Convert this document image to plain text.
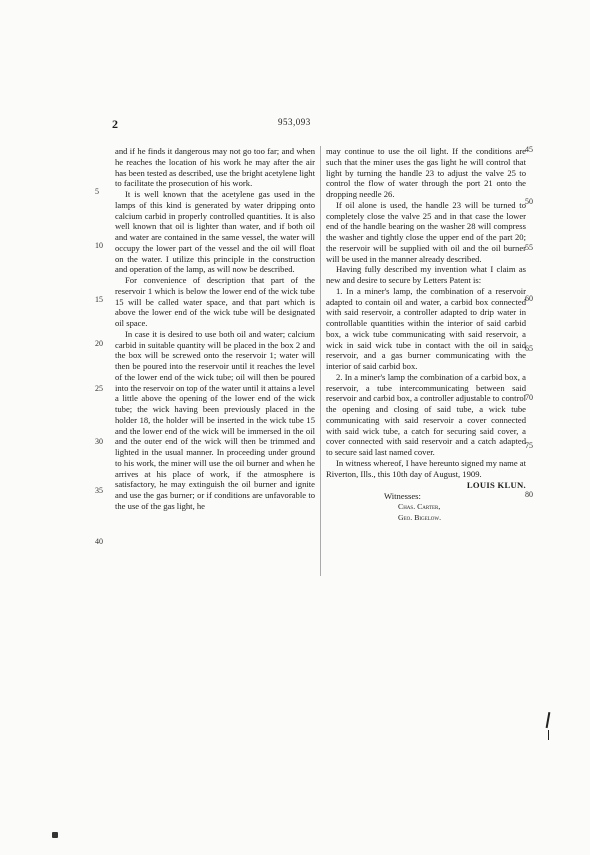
2	953,093

and if he finds it dangerous may not go too far; and when he reaches the location of his work he may after the air has been tested as described, use the bright acetylene light to facilitate the prosecution of his work.

It is well known that the acetylene gas used in the lamps of this kind is generated by water dripping onto calcium carbid in properly controlled quantities. It is also well known that oil is lighter than water, and if both oil and water are contained in the same vessel, the water will occupy the lower part of the vessel and the oil will float on the water. I utilize this principle in the construction and operation of the lamp, as will now be described.

For convenience of description that part of the reservoir 1 which is below the lower end of the wick tube 15 will be called water space, and that part which is above the lower end of the wick tube will be designated oil space.

In case it is desired to use both oil and water; calcium carbid in suitable quantity will be placed in the box 2 and the box will be screwed onto the reservoir 1; water will then be poured into the reservoir until it reaches the level of the lower end of the wick tube; oil will then be poured into the reservoir on top of the water until it attains a level a little above the opening of the lower end of the wick tube; the wick having been previously placed in the holder 18, the holder will be inserted in the wick tube 15 and the lower end of the wick will be immersed in the oil and the outer end of the wick will then be trimmed and lighted in the usual manner. In proceeding under ground to his work, the miner will use the oil burner and when he arrives at his place of work, if the atmosphere is satisfactory, he may extinguish the oil burner and ignite and use the gas burner; or if conditions are unfavorable to the use of the gas light, he

may continue to use the oil light. If the conditions are such that the miner uses the gas light he will control that light by turning the handle 23 to adjust the valve 25 to control the flow of water through the port 21 onto the dropping needle 26.

If oil alone is used, the handle 23 will be turned to completely close the valve 25 and in that case the lower end of the handle bearing on the washer 28 will compress the washer and tightly close the upper end of the part 20; the reservoir will be supplied with oil and the oil burner will be used in the manner already described.

Having fully described my invention what I claim as new and desire to secure by Letters Patent is:

1. In a miner's lamp, the combination of a reservoir adapted to contain oil and water, a carbid box connected with said reservoir, a controller adapted to drip water in controllable quantities within the interior of said carbid box, a wick tube communicating with said reservoir, a wick in said wick tube in contact with the oil in said reservoir, and a gas burner communicating with the interior of said carbid box.

2. In a miner's lamp the combination of a carbid box, a reservoir, a tube intercommunicating between said reservoir and carbid box, a controller adjustable to control the opening and closing of said tube, a wick tube communicating with said reservoir a cover connected with said wick tube, a catch for securing said cover, a cover connected with said reservoir and a catch adapted to secure said last named cover.

In witness whereof, I have hereunto signed my name at Riverton, Ills., this 10th day of August, 1909.

LOUIS KLUN.

Witnesses:

Chas. Carter,

Geo. Bigelow.

5
10
15
20
25
30
35
40
45
50
55
60
65
70
75
80
